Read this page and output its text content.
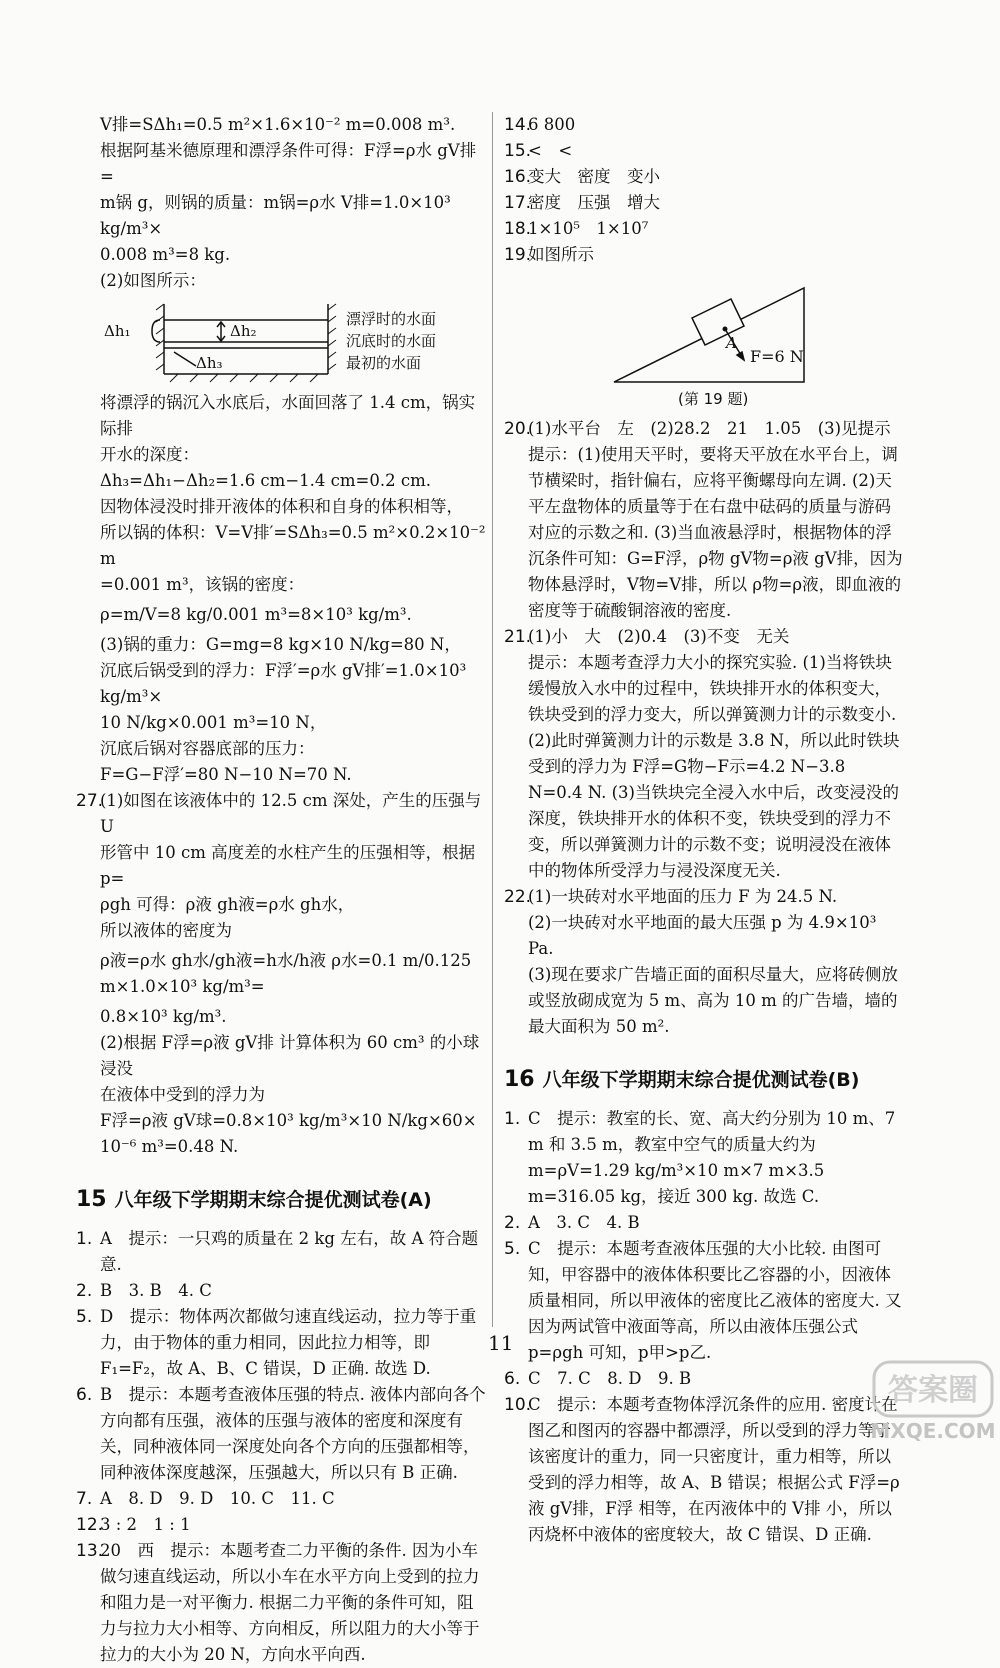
V排=SΔh₁=0.5 m²×1.6×10⁻² m=0.008 m³.

根据阿基米德原理和漂浮条件可得：F浮=ρ水 gV排=

m锅 g，则锅的质量：m锅=ρ水 V排=1.0×10³ kg/m³×

0.008 m³=8 kg.

(2)如图所示：

Δh₁	Δh₂
Δh₃
漂浮时的水面
沉底时的水面
最初的水面

将漂浮的锅沉入水底后，水面回落了 1.4 cm，锅实际排

开水的深度：

Δh₃=Δh₁−Δh₂=1.6 cm−1.4 cm=0.2 cm.

因物体浸没时排开液体的体积和自身的体积相等，

所以锅的体积：V=V排′=SΔh₃=0.5 m²×0.2×10⁻² m

=0.001 m³，该锅的密度：

ρ=m/V=8 kg/0.001 m³=8×10³ kg/m³.

(3)锅的重力：G=mg=8 kg×10 N/kg=80 N，

沉底后锅受到的浮力：F浮′=ρ水 gV排′=1.0×10³ kg/m³×

10 N/kg×0.001 m³=10 N，

沉底后锅对容器底部的压力：

F=G−F浮′=80 N−10 N=70 N.

27.

(1)如图在该液体中的 12.5 cm 深处，产生的压强与 U

形管中 10 cm 高度差的水柱产生的压强相等，根据 p=

ρgh 可得：ρ液 gh液=ρ水 gh水，

所以液体的密度为

ρ液=ρ水 gh水/gh液=h水/h液 ρ水=0.1 m/0.125 m×1.0×10³ kg/m³=

0.8×10³ kg/m³.

(2)根据 F浮=ρ液 gV排 计算体积为 60 cm³ 的小球浸没

在液体中受到的浮力为

F浮=ρ液 gV球=0.8×10³ kg/m³×10 N/kg×60×

10⁻⁶ m³=0.48 N.

15 八年级下学期期末综合提优测试卷(A)
1. A　提示：一只鸡的质量在 2 kg 左右，故 A 符合题意.
2. B　3. B　4. C
5. D　提示：物体两次都做匀速直线运动，拉力等于重力，由于物体的重力相同，因此拉力相等，即 F₁=F₂，故 A、B、C 错误，D 正确. 故选 D.
6. B　提示：本题考查液体压强的特点. 液体内部向各个方向都有压强，液体的压强与液体的密度和深度有关，同种液体同一深度处向各个方向的压强都相等，同种液体深度越深，压强越大，所以只有 B 正确.
7. A　8. D　9. D　10. C　11. C
12.
3 : 2　1 : 1
13.
20　西　提示：本题考查二力平衡的条件. 因为小车做匀速直线运动，所以小车在水平方向上受到的拉力和阻力是一对平衡力. 根据二力平衡的条件可知，阻力与拉力大小相等、方向相反，所以阻力的大小等于拉力的大小为 20 N，方向水平向西.
14.
6 800
15.
<　<
16.
变大　密度　变小
17.
密度　压强　增大
18.
1×10⁵　1×10⁷
19.
如图所示
A
F=6 N
(第 19 题)
20.
(1)水平台　左　(2)28.2　21　1.05　(3)见提示
提示：(1)使用天平时，要将天平放在水平台上，调节横梁时，指针偏右，应将平衡螺母向左调. (2)天平左盘物体的质量等于在右盘中砝码的质量与游码对应的示数之和. (3)当血液悬浮时，根据物体的浮沉条件可知：G=F浮，ρ物 gV物=ρ液 gV排，因为物体悬浮时，V物=V排，所以 ρ物=ρ液，即血液的密度等于硫酸铜溶液的密度.
21.
(1)小　大　(2)0.4　(3)不变　无关
提示：本题考查浮力大小的探究实验. (1)当将铁块缓慢放入水中的过程中，铁块排开水的体积变大，铁块受到的浮力变大，所以弹簧测力计的示数变小. (2)此时弹簧测力计的示数是 3.8 N，所以此时铁块受到的浮力为 F浮=G物−F示=4.2 N−3.8 N=0.4 N. (3)当铁块完全浸入水中后，改变浸没的深度，铁块排开水的体积不变，铁块受到的浮力不变，所以弹簧测力计的示数不变；说明浸没在液体中的物体所受浮力与浸没深度无关.
22.
(1)一块砖对水平地面的压力 F 为 24.5 N.
(2)一块砖对水平地面的最大压强 p 为 4.9×10³ Pa.
(3)现在要求广告墙正面的面积尽量大，应将砖侧放或竖放砌成宽为 5 m、高为 10 m 的广告墙，墙的最大面积为 50 m².
16 八年级下学期期末综合提优测试卷(B)
1. C　提示：教室的长、宽、高大约分别为 10 m、7 m 和 3.5 m，教室中空气的质量大约为 m=ρV=1.29 kg/m³×10 m×7 m×3.5 m=316.05 kg，接近 300 kg. 故选 C.
2. A　3. C　4. B
5. C　提示：本题考查液体压强的大小比较. 由图可知，甲容器中的液体体积要比乙容器的小，因液体质量相同，所以甲液体的密度比乙液体的密度大. 又因为两试管中液面等高，所以由液体压强公式 p=ρgh 可知，p甲>p乙.
6. C　7. C　8. D　9. B
10.
C　提示：本题考查物体浮沉条件的应用. 密度计在图乙和图丙的容器中都漂浮，所以受到的浮力等于该密度计的重力，同一只密度计，重力相等，所以受到的浮力相等，故 A、B 错误；根据公式 F浮=ρ液 gV排，F浮 相等，在丙液体中的 V排 小，所以丙烧杯中液体的密度较大，故 C 错误、D 正确.
11
答案圈
MXQE.COM
